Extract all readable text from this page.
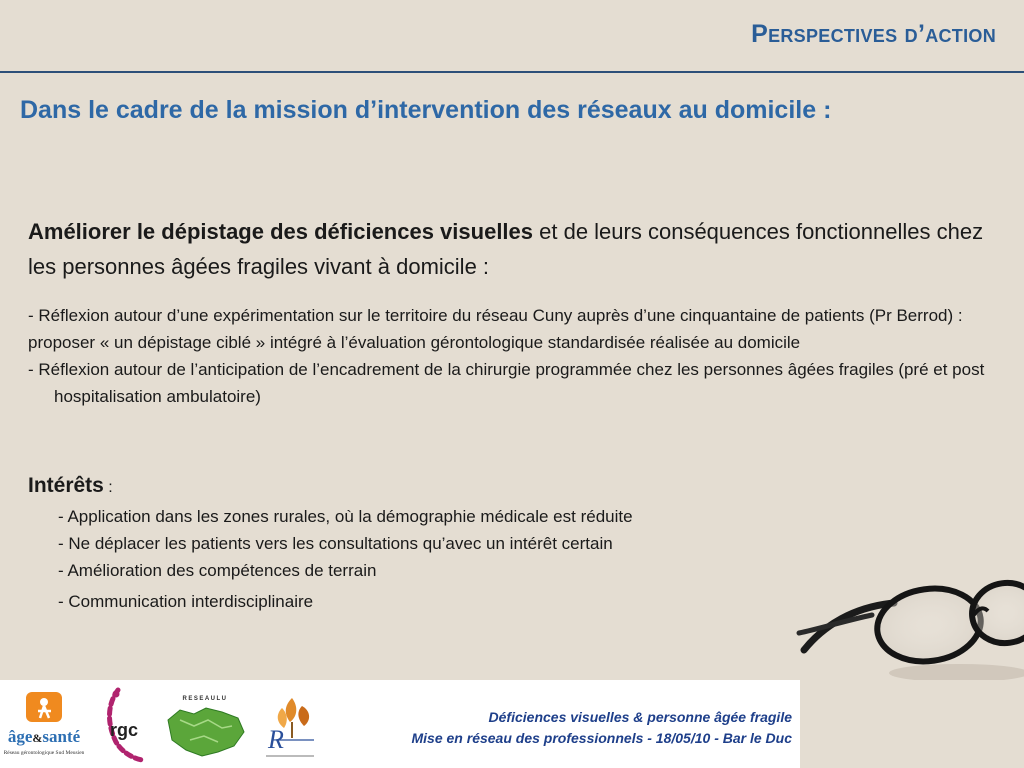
Perspectives d’action
Dans le cadre de la mission d’intervention des réseaux au domicile :

Améliorer le dépistage des déficiences visuelles et de leurs conséquences fonctionnelles chez les personnes âgées fragiles vivant à domicile :

- Réflexion autour d’une expérimentation sur le territoire du réseau Cuny auprès d’une cinquantaine de patients (Pr Berrod) : proposer « un dépistage ciblé » intégré à l’évaluation gérontologique standardisée réalisée au domicile

- Réflexion autour de l’anticipation de l’encadrement de la chirurgie programmée chez les personnes âgées fragiles (pré et post hospitalisation ambulatoire)

Intérêts :

- Application dans les zones rurales, où la démographie médicale est réduite
- Ne déplacer les patients vers les consultations qu’avec un intérêt certain
- Amélioration des compétences de terrain
- Communication interdisciplinaire
âge&santé
Réseau gérontologique Sud Meusien
rgc
RESEAULU
R
Déficiences visuelles & personne âgée fragile
Mise en réseau des professionnels - 18/05/10 - Bar le Duc
